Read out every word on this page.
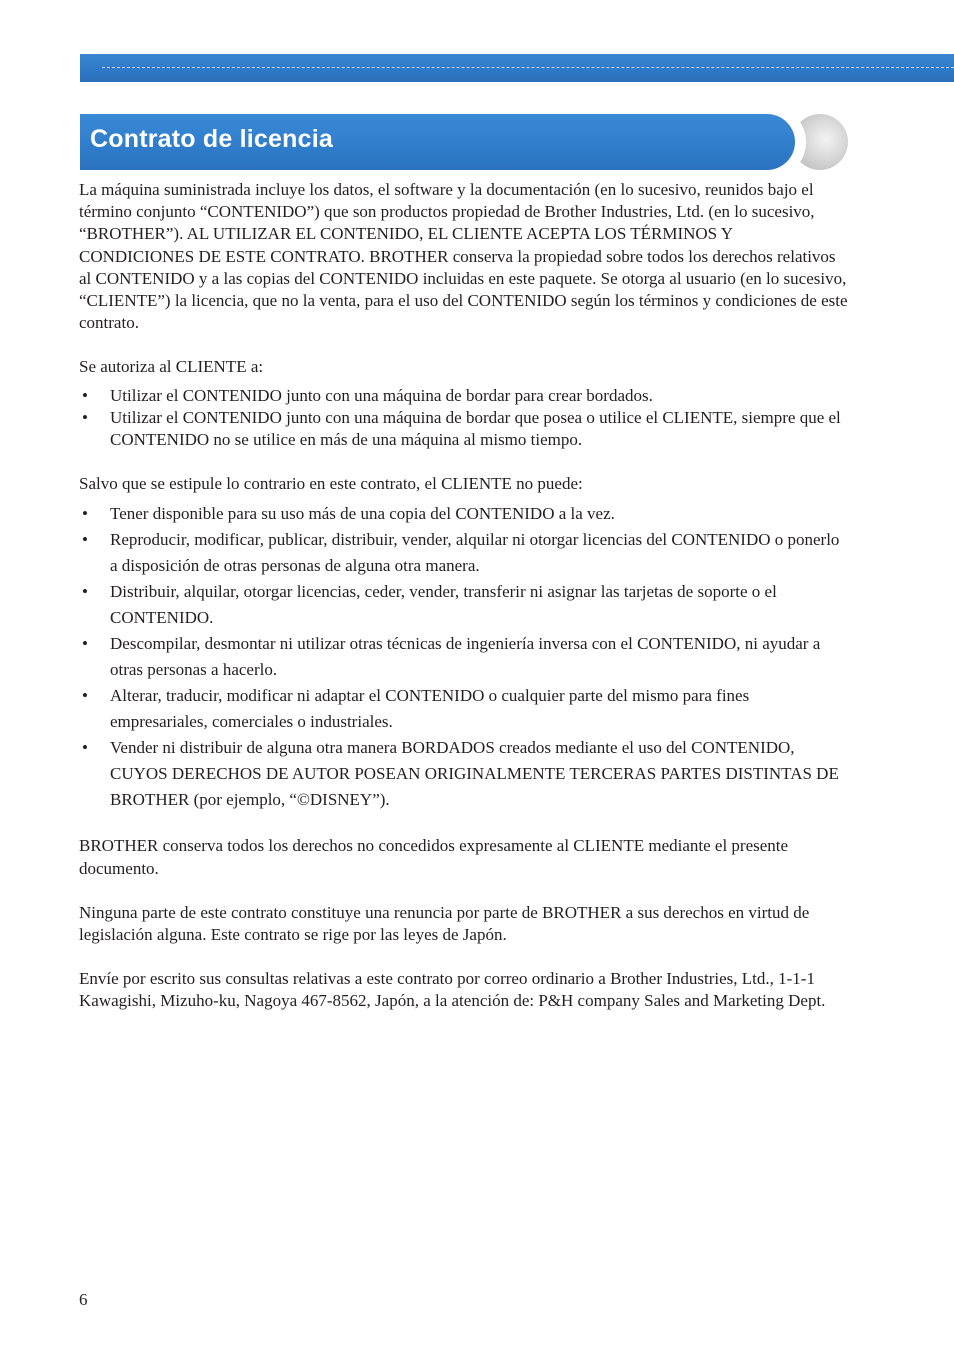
Contrato de licencia

La máquina suministrada incluye los datos, el software y la documentación (en lo sucesivo, reunidos bajo el término conjunto “CONTENIDO”) que son productos propiedad de Brother Industries, Ltd. (en lo sucesivo, “BROTHER”). AL UTILIZAR EL CONTENIDO, EL CLIENTE ACEPTA LOS TÉRMINOS Y CONDICIONES DE ESTE CONTRATO. BROTHER conserva la propiedad sobre todos los derechos relativos al CONTENIDO y a las copias del CONTENIDO incluidas en este paquete. Se otorga al usuario (en lo sucesivo, “CLIENTE”) la licencia, que no la venta, para el uso del CONTENIDO según los términos y condiciones de este contrato.

Se autoriza al CLIENTE a:

• Utilizar el CONTENIDO junto con una máquina de bordar para crear bordados.
• Utilizar el CONTENIDO junto con una máquina de bordar que posea o utilice el CLIENTE, siempre que el CONTENIDO no se utilice en más de una máquina al mismo tiempo.

Salvo que se estipule lo contrario en este contrato, el CLIENTE no puede:

• Tener disponible para su uso más de una copia del CONTENIDO a la vez.
• Reproducir, modificar, publicar, distribuir, vender, alquilar ni otorgar licencias del CONTENIDO o ponerlo a disposición de otras personas de alguna otra manera.
• Distribuir, alquilar, otorgar licencias, ceder, vender, transferir ni asignar las tarjetas de soporte o el CONTENIDO.
• Descompilar, desmontar ni utilizar otras técnicas de ingeniería inversa con el CONTENIDO, ni ayudar a otras personas a hacerlo.
• Alterar, traducir, modificar ni adaptar el CONTENIDO o cualquier parte del mismo para fines empresariales, comerciales o industriales.
• Vender ni distribuir de alguna otra manera BORDADOS creados mediante el uso del CONTENIDO, CUYOS DERECHOS DE AUTOR POSEAN ORIGINALMENTE TERCERAS PARTES DISTINTAS DE BROTHER (por ejemplo, “©DISNEY”).

BROTHER conserva todos los derechos no concedidos expresamente al CLIENTE mediante el presente documento.

Ninguna parte de este contrato constituye una renuncia por parte de BROTHER a sus derechos en virtud de legislación alguna. Este contrato se rige por las leyes de Japón.

Envíe por escrito sus consultas relativas a este contrato por correo ordinario a Brother Industries, Ltd., 1-1-1 Kawagishi, Mizuho-ku, Nagoya 467-8562, Japón, a la atención de: P&H company Sales and Marketing Dept.

6
